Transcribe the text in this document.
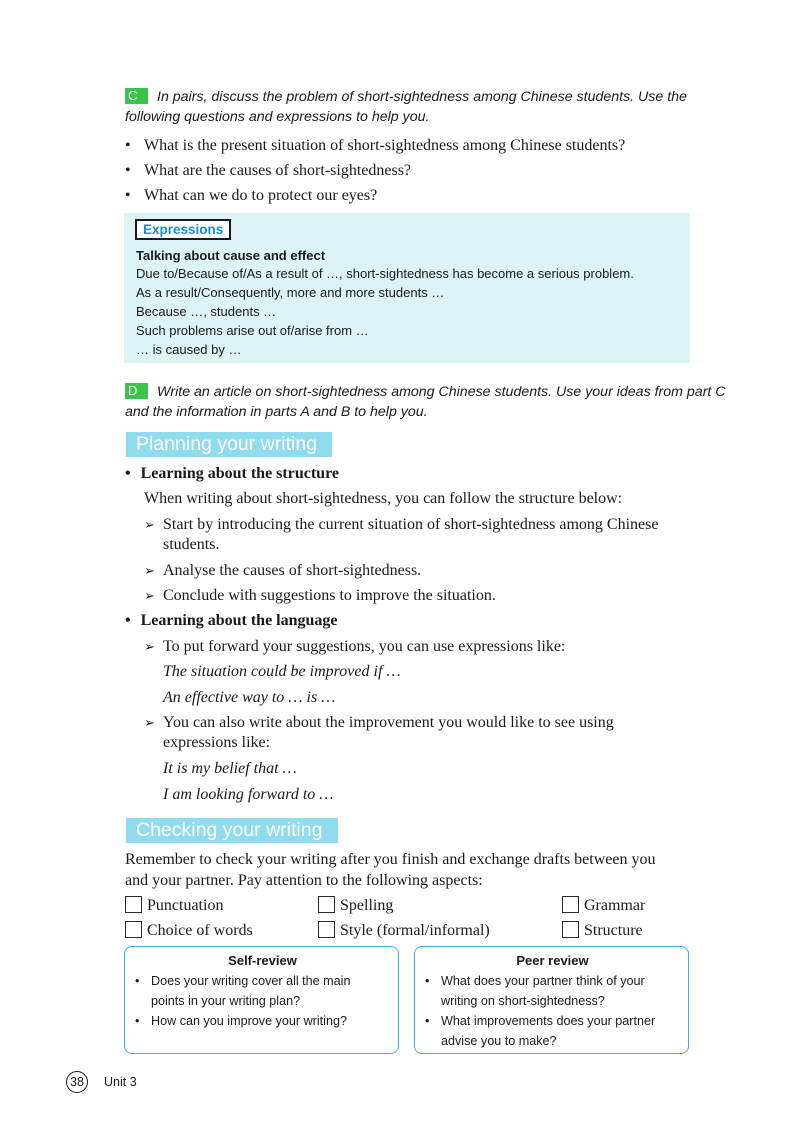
C In pairs, discuss the problem of short-sightedness among Chinese students. Use the
following questions and expressions to help you.
• What is the present situation of short-sightedness among Chinese students?
• What are the causes of short-sightedness?
• What can we do to protect our eyes?
Expressions
Talking about cause and effect
Due to/Because of/As a result of …, short-sightedness has become a serious problem.
As a result/Consequently, more and more students …
Because …, students …
Such problems arise out of/arise from …
… is caused by …
D Write an article on short-sightedness among Chinese students. Use your ideas from part C
and the information in parts A and B to help you.
Planning your writing
• Learning about the structure
When writing about short-sightedness, you can follow the structure below:
➢ Start by introducing the current situation of short-sightedness among Chinese
students.
➢ Analyse the causes of short-sightedness.
➢ Conclude with suggestions to improve the situation.
• Learning about the language
➢ To put forward your suggestions, you can use expressions like:
The situation could be improved if …
An effective way to … is …
➢ You can also write about the improvement you would like to see using
expressions like:
It is my belief that …
I am looking forward to …
Checking your writing
Remember to check your writing after you finish and exchange drafts between you
and your partner. Pay attention to the following aspects:
Punctuation	Spelling	Grammar
Choice of words	Style (formal/informal)	Structure
Self-review
• Does your writing cover all the main
points in your writing plan?
• How can you improve your writing?
Peer review
• What does your partner think of your
writing on short-sightedness?
• What improvements does your partner
advise you to make?
38	Unit 3
